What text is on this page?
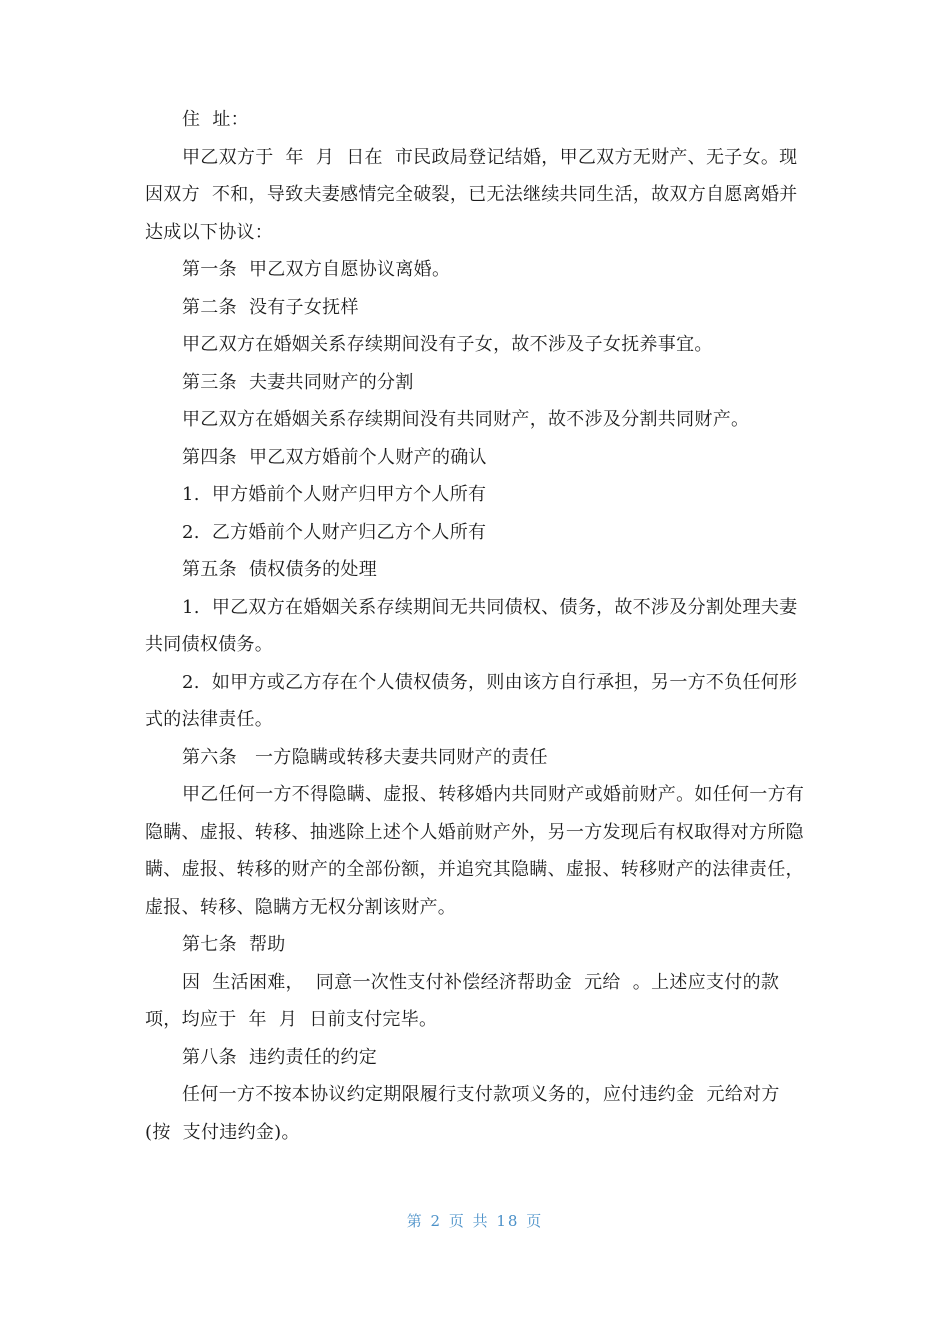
住  址：

甲乙双方于  年  月  日在  市民政局登记结婚，甲乙双方无财产、无子女。现因双方  不和，导致夫妻感情完全破裂，已无法继续共同生活，故双方自愿离婚并达成以下协议：

第一条  甲乙双方自愿协议离婚。

第二条  没有子女抚样

甲乙双方在婚姻关系存续期间没有子女，故不涉及子女抚养事宜。

第三条  夫妻共同财产的分割

甲乙双方在婚姻关系存续期间没有共同财产，故不涉及分割共同财产。

第四条  甲乙双方婚前个人财产的确认

1.  甲方婚前个人财产归甲方个人所有

2.  乙方婚前个人财产归乙方个人所有

第五条  债权债务的处理

1.  甲乙双方在婚姻关系存续期间无共同债权、债务，故不涉及分割处理夫妻共同债权债务。

2.  如甲方或乙方存在个人债权债务，则由该方自行承担，另一方不负任何形式的法律责任。

第六条   一方隐瞒或转移夫妻共同财产的责任

甲乙任何一方不得隐瞒、虚报、转移婚内共同财产或婚前财产。如任何一方有隐瞒、虚报、转移、抽逃除上述个人婚前财产外，另一方发现后有权取得对方所隐瞒、虚报、转移的财产的全部份额，并追究其隐瞒、虚报、转移财产的法律责任，虚报、转移、隐瞒方无权分割该财产。

第七条  帮助

因  生活困难，  同意一次性支付补偿经济帮助金  元给  。上述应支付的款项，均应于  年  月  日前支付完毕。

第八条  违约责任的约定

任何一方不按本协议约定期限履行支付款项义务的，应付违约金  元给对方(按  支付违约金)。

第 2 页 共 18 页
